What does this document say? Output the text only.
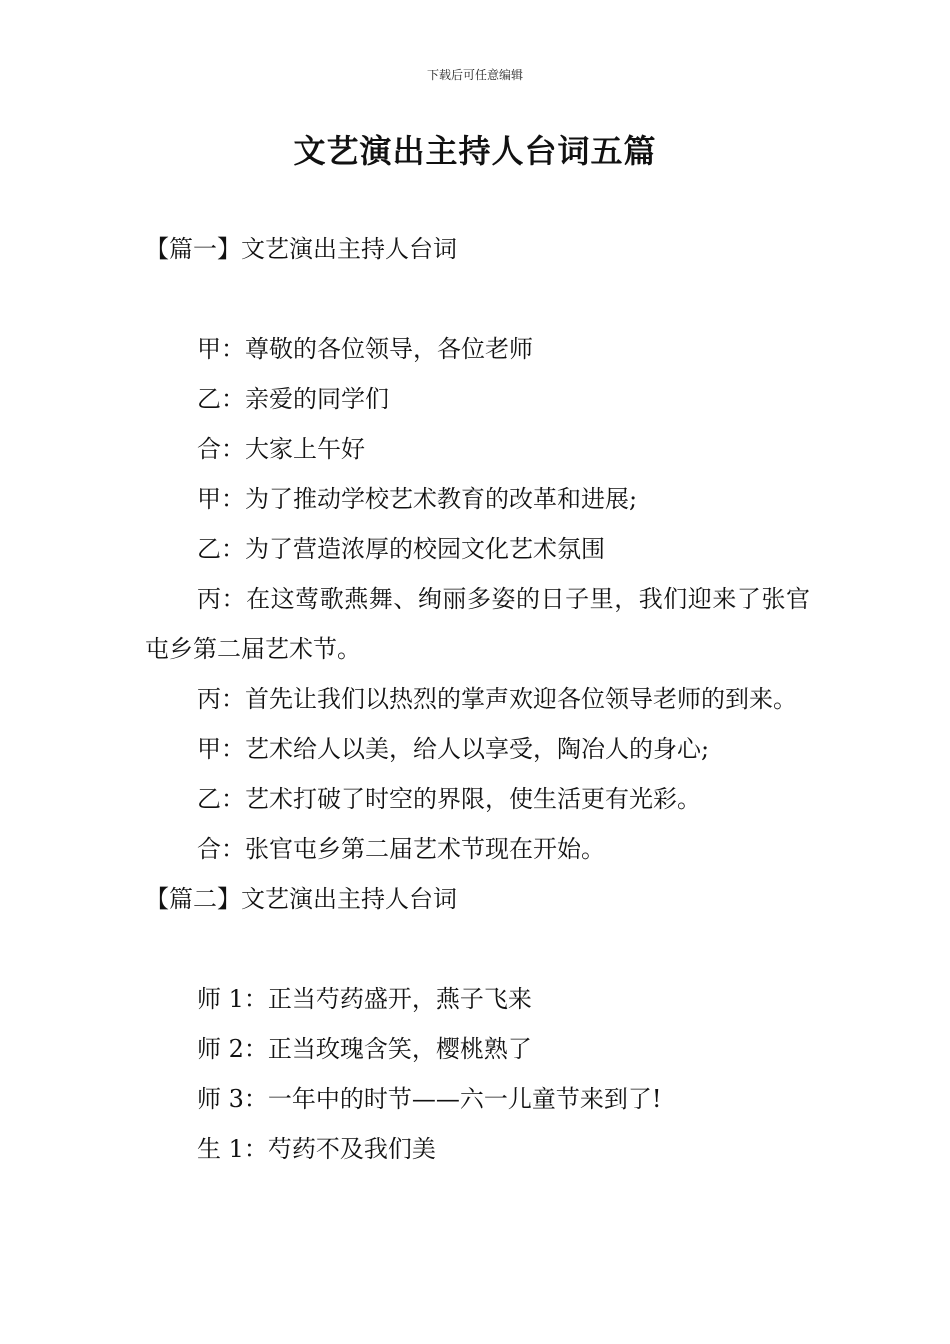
下载后可任意编辑
文艺演出主持人台词五篇

【篇一】文艺演出主持人台词

甲：尊敬的各位领导，各位老师

乙：亲爱的同学们

合：大家上午好

甲：为了推动学校艺术教育的改革和进展;

乙：为了营造浓厚的校园文化艺术氛围

丙：在这莺歌燕舞、绚丽多姿的日子里，我们迎来了张官屯乡第二届艺术节。

丙：首先让我们以热烈的掌声欢迎各位领导老师的到来。

甲：艺术给人以美，给人以享受，陶冶人的身心;

乙：艺术打破了时空的界限，使生活更有光彩。

合：张官屯乡第二届艺术节现在开始。

【篇二】文艺演出主持人台词

师 1：正当芍药盛开，燕子飞来

师 2：正当玫瑰含笑，樱桃熟了

师 3：一年中的时节——六一儿童节来到了!

生 1：芍药不及我们美
